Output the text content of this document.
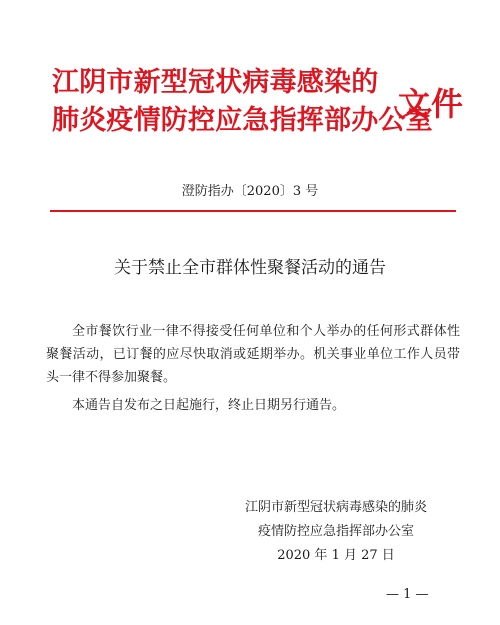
江阴市新型冠状病毒感染的
肺炎疫情防控应急指挥部办公室
文件
澄防指办〔2020〕3 号
关于禁止全市群体性聚餐活动的通告

全市餐饮行业一律不得接受任何单位和个人举办的任何形式群体性聚餐活动，已订餐的应尽快取消或延期举办。机关事业单位工作人员带头一律不得参加聚餐。

本通告自发布之日起施行，终止日期另行通告。

江阴市新型冠状病毒感染的肺炎
疫情防控应急指挥部办公室
2020 年 1 月 27 日
— 1 —
